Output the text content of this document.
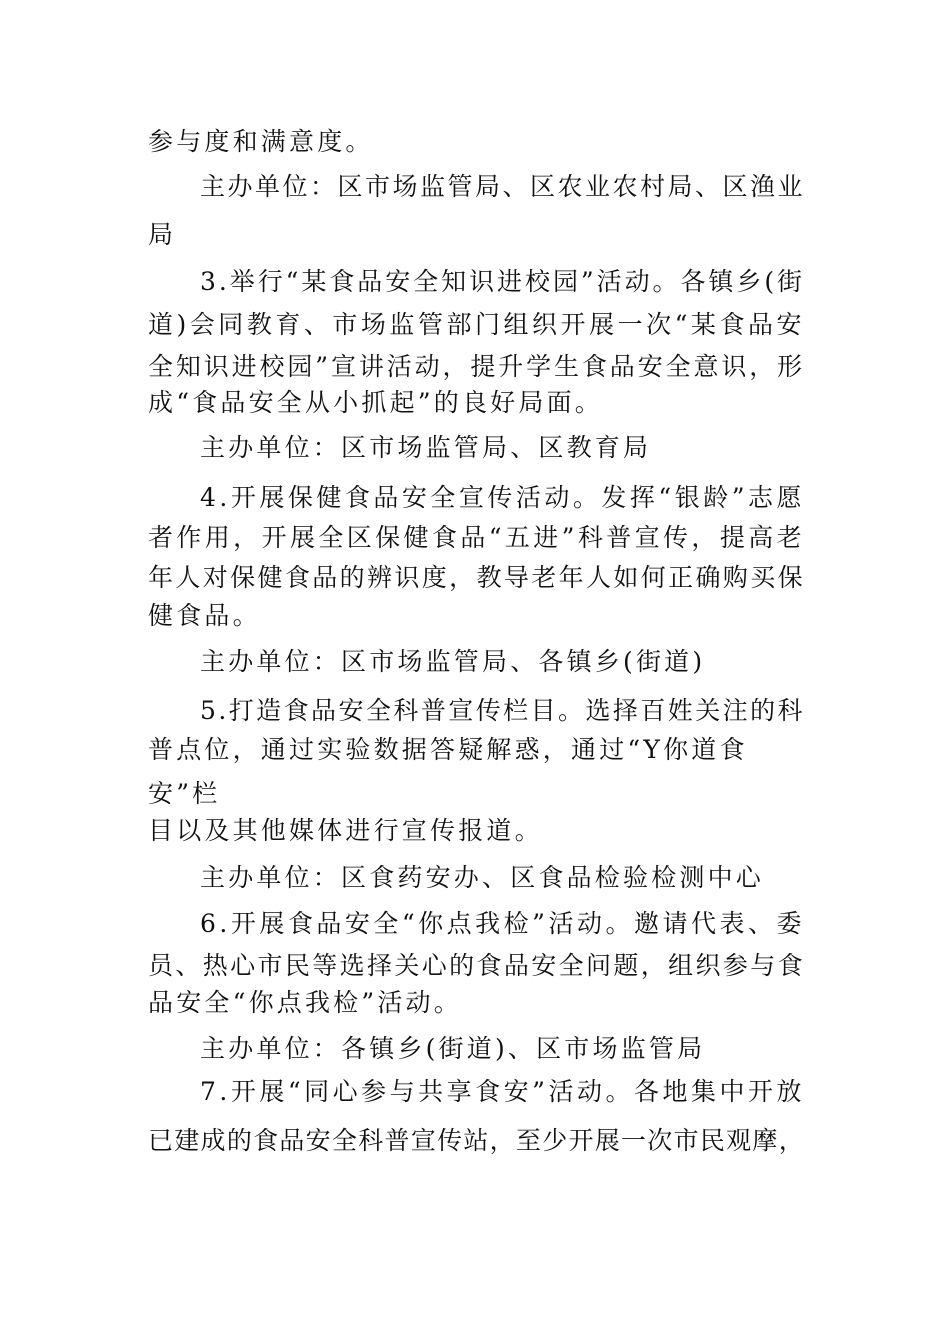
参与度和满意度。
主办单位：区市场监管局、区农业农村局、区渔业
局
3.举行“某食品安全知识进校园”活动。各镇乡(街
道)会同教育、市场监管部门组织开展一次“某食品安
全知识进校园”宣讲活动，提升学生食品安全意识，形
成“食品安全从小抓起”的良好局面。
主办单位：区市场监管局、区教育局
4.开展保健食品安全宣传活动。发挥“银龄”志愿
者作用，开展全区保健食品“五进”科普宣传，提高老
年人对保健食品的辨识度，教导老年人如何正确购买保
健食品。
主办单位：区市场监管局、各镇乡(街道)
5.打造食品安全科普宣传栏目。选择百姓关注的科
普点位，通过实验数据答疑解惑，通过“Y你道食
安”栏
目以及其他媒体进行宣传报道。
主办单位：区食药安办、区食品检验检测中心
6.开展食品安全“你点我检”活动。邀请代表、委
员、热心市民等选择关心的食品安全问题，组织参与食
品安全“你点我检”活动。
主办单位：各镇乡(街道)、区市场监管局
7.开展“同心参与共享食安”活动。各地集中开放
已建成的食品安全科普宣传站，至少开展一次市民观摩，
